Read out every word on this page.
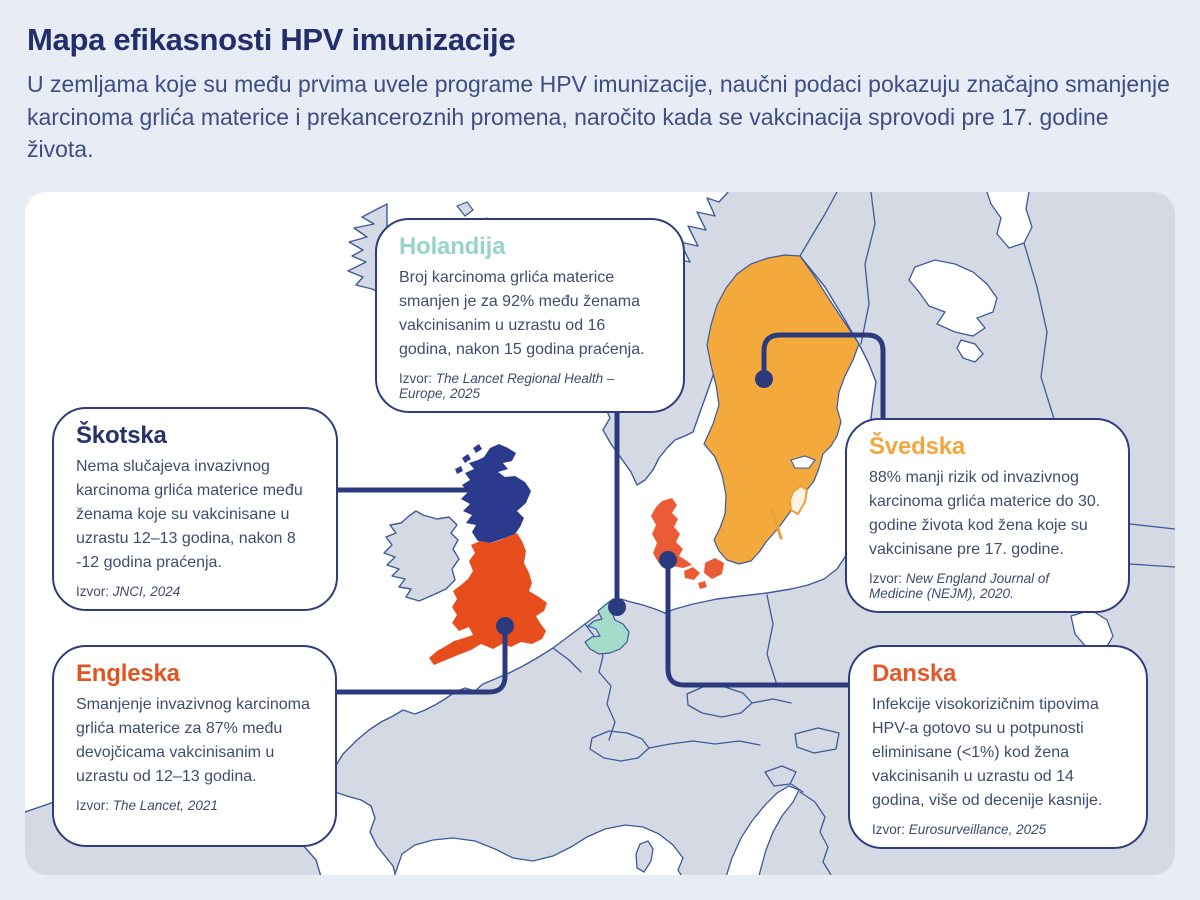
Mapa efikasnosti HPV imunizacije

U zemljama koje su među prvima uvele programe HPV imunizacije, naučni podaci pokazuju značajno smanjenje karcinoma grlića materice i prekanceroznih promena, naročito kada se vakcinacija sprovodi pre 17. godine života.

Holandija

Broj karcinoma grlića materice smanjen je za 92% među ženama vakcinisanim u uzrastu od 16 godina, nakon 15 godina praćenja.

Izvor: The Lancet Regional Health – Europe, 2025
Škotska

Nema slučajeva invazivnog karcinoma grlića materice među ženama koje su vakcinisane u uzrastu 12–13 godina, nakon 8 -12 godina praćenja.

Izvor: JNCI, 2024
Engleska

Smanjenje invazivnog karcinoma grlića materice za 87% među devojčicama vakcinisanim u uzrastu od 12–13 godina.

Izvor: The Lancet, 2021
Švedska

88% manji rizik od invazivnog karcinoma grlića materice do 30. godine života kod žena koje su vakcinisane pre 17. godine.

Izvor: New England Journal of Medicine (NEJM), 2020.
Danska

Infekcije visokorizičnim tipovima HPV-a gotovo su u potpunosti eliminisane (<1%) kod žena vakcinisanih u uzrastu od 14 godina, više od decenije kasnije.

Izvor: Eurosurveillance, 2025
